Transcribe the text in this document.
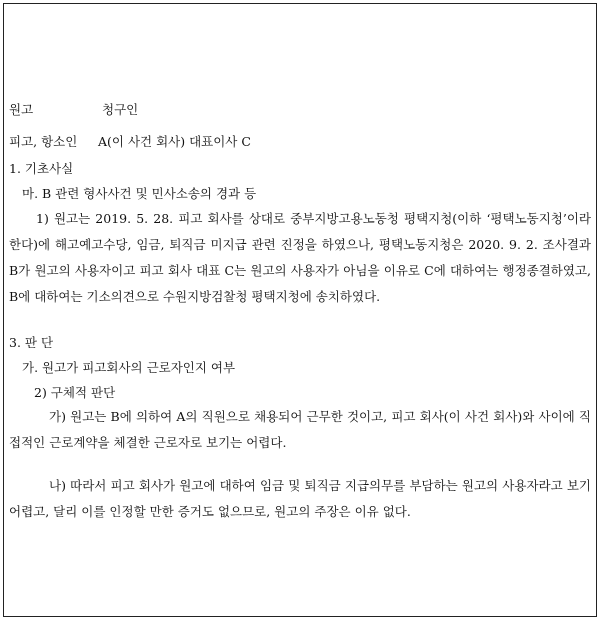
원고	청구인
피고, 항소인 A(이 사건 회사) 대표이사 C
1. 기초사실
마. B 관련 형사사건 및 민사소송의 경과 등
1) 원고는 2019. 5. 28. 피고 회사를 상대로 중부지방고용노동청 평택지청(이하 ‘평택노동지청’이라 한다)에 해고예고수당, 임금, 퇴직금 미지급 관련 진정을 하였으나, 평택노동지청은 2020. 9. 2. 조사결과 B가 원고의 사용자이고 피고 회사 대표 C는 원고의 사용자가 아님을 이유로 C에 대하여는 행정종결하였고, B에 대하여는 기소의견으로 수원지방검찰청 평택지청에 송치하였다.
3. 판 단
가. 원고가 피고회사의 근로자인지 여부
2) 구체적 판단
가) 원고는 B에 의하여 A의 직원으로 채용되어 근무한 것이고, 피고 회사(이 사건 회사)와 사이에 직접적인 근로계약을 체결한 근로자로 보기는 어렵다.
나) 따라서 피고 회사가 원고에 대하여 임금 및 퇴직금 지급의무를 부담하는 원고의 사용자라고 보기 어렵고, 달리 이를 인정할 만한 증거도 없으므로, 원고의 주장은 이유 없다.
